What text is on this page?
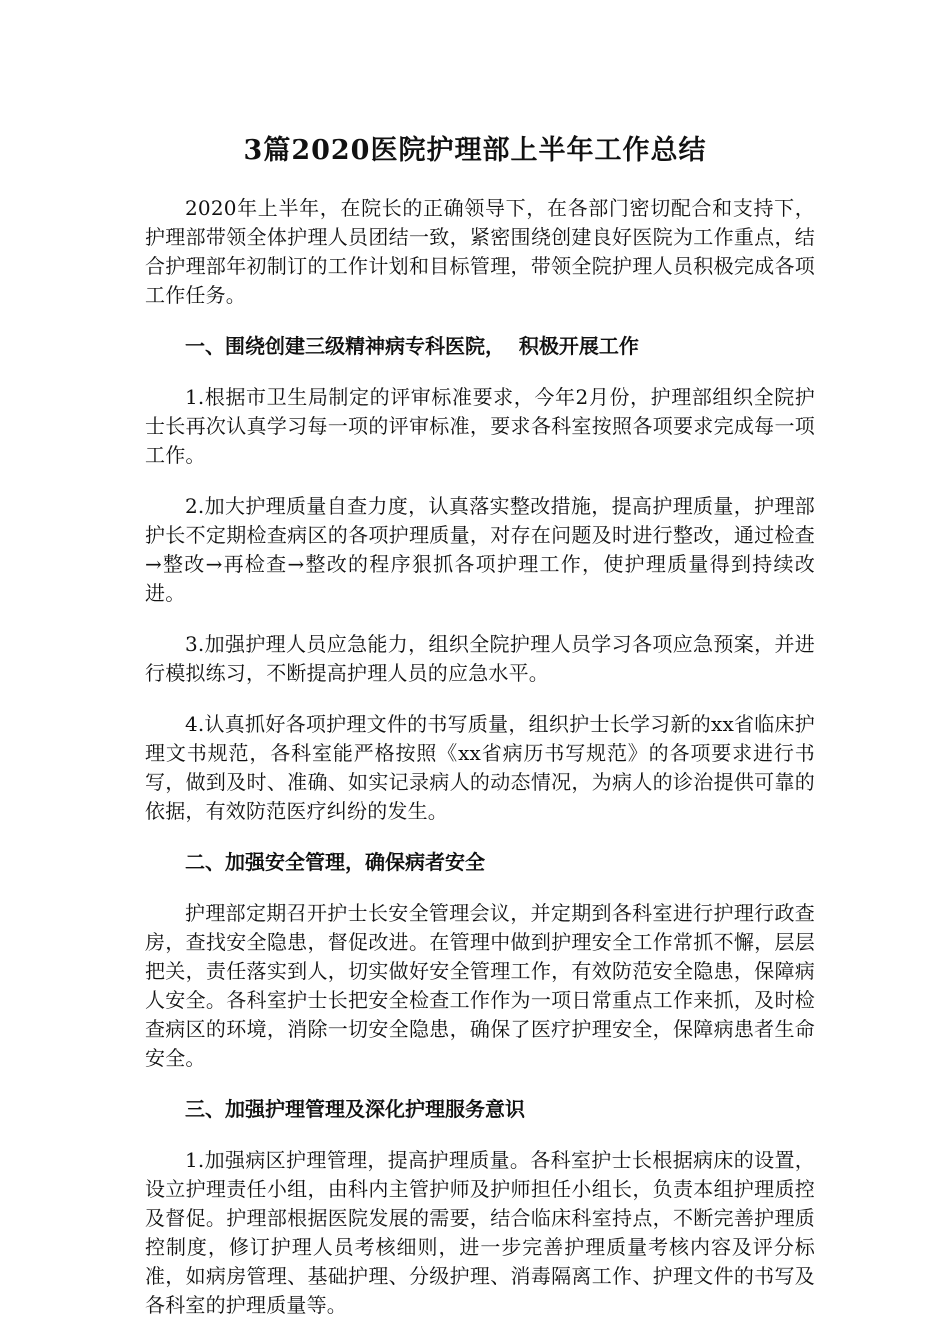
3篇2020医院护理部上半年工作总结

2020年上半年，在院长的正确领导下，在各部门密切配合和支持下，护理部带领全体护理人员团结一致，紧密围绕创建良好医院为工作重点，结合护理部年初制订的工作计划和目标管理，带领全院护理人员积极完成各项工作任务。

一、围绕创建三级精神病专科医院，  积极开展工作

1.根据市卫生局制定的评审标准要求，今年2月份，护理部组织全院护士长再次认真学习每一项的评审标准，要求各科室按照各项要求完成每一项工作。

2.加大护理质量自查力度，认真落实整改措施，提高护理质量，护理部护长不定期检查病区的各项护理质量，对存在问题及时进行整改，通过检查→整改→再检查→整改的程序狠抓各项护理工作，使护理质量得到持续改进。

3.加强护理人员应急能力，组织全院护理人员学习各项应急预案，并进行模拟练习，不断提高护理人员的应急水平。

4.认真抓好各项护理文件的书写质量，组织护士长学习新的xx省临床护理文书规范，各科室能严格按照《xx省病历书写规范》的各项要求进行书写，做到及时、准确、如实记录病人的动态情况，为病人的诊治提供可靠的依据，有效防范医疗纠纷的发生。

二、加强安全管理，确保病者安全

护理部定期召开护士长安全管理会议，并定期到各科室进行护理行政查房，查找安全隐患，督促改进。在管理中做到护理安全工作常抓不懈，层层把关，责任落实到人，切实做好安全管理工作，有效防范安全隐患，保障病人安全。各科室护士长把安全检查工作作为一项日常重点工作来抓，及时检查病区的环境，消除一切安全隐患，确保了医疗护理安全，保障病患者生命安全。

三、加强护理管理及深化护理服务意识

1.加强病区护理管理，提高护理质量。各科室护士长根据病床的设置，设立护理责任小组，由科内主管护师及护师担任小组长，负责本组护理质控及督促。护理部根据医院发展的需要，结合临床科室持点，不断完善护理质控制度，修订护理人员考核细则，进一步完善护理质量考核内容及评分标准，如病房管理、基础护理、分级护理、消毒隔离工作、护理文件的书写及各科室的护理质量等。
